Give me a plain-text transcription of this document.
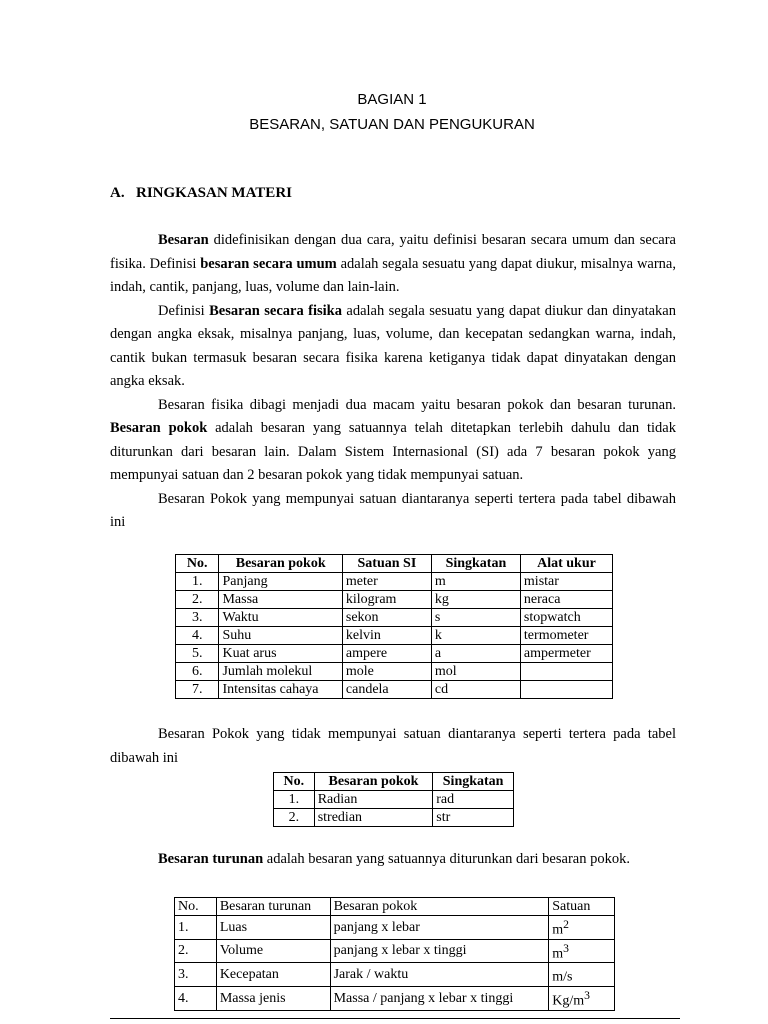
BAGIAN 1
BESARAN, SATUAN DAN PENGUKURAN
A. RINGKASAN MATERI

Besaran didefinisikan dengan dua cara, yaitu definisi besaran secara umum dan secara fisika. Definisi besaran secara umum adalah segala sesuatu yang dapat diukur, misalnya warna, indah, cantik, panjang, luas, volume dan lain-lain.

Definisi Besaran secara fisika adalah segala sesuatu yang dapat diukur dan dinyatakan dengan angka eksak, misalnya panjang, luas, volume, dan kecepatan sedangkan warna, indah, cantik bukan termasuk besaran secara fisika karena ketiganya tidak dapat dinyatakan dengan angka eksak.

Besaran fisika dibagi menjadi dua macam yaitu besaran pokok dan besaran turunan. Besaran pokok adalah besaran yang satuannya telah ditetapkan terlebih dahulu dan tidak diturunkan dari besaran lain. Dalam Sistem Internasional (SI) ada 7 besaran pokok yang mempunyai satuan dan 2 besaran pokok yang tidak mempunyai satuan.

Besaran Pokok yang mempunyai satuan diantaranya seperti tertera pada tabel dibawah ini

No.	Besaran pokok	Satuan SI	Singkatan	Alat ukur
1.	Panjang	meter	m	mistar
2.	Massa	kilogram	kg	neraca
3.	Waktu	sekon	s	stopwatch
4.	Suhu	kelvin	k	termometer
5.	Kuat arus	ampere	a	ampermeter
6.	Jumlah molekul	mole	mol	
7.	Intensitas cahaya	candela	cd	

Besaran Pokok yang tidak mempunyai satuan diantaranya seperti tertera pada tabel dibawah ini

No.	Besaran pokok	Singkatan
1.	Radian	rad
2.	stredian	str

Besaran turunan adalah besaran yang satuannya diturunkan dari besaran pokok.

No.	Besaran turunan	Besaran pokok	Satuan
1.	Luas	panjang x lebar	$m^2$
2.	Volume	panjang x lebar x tinggi	$m^3$
3.	Kecepatan	Jarak / waktu	m/s
4.	Massa jenis	Massa / panjang x lebar x tinggi	$Kg/m^3$
